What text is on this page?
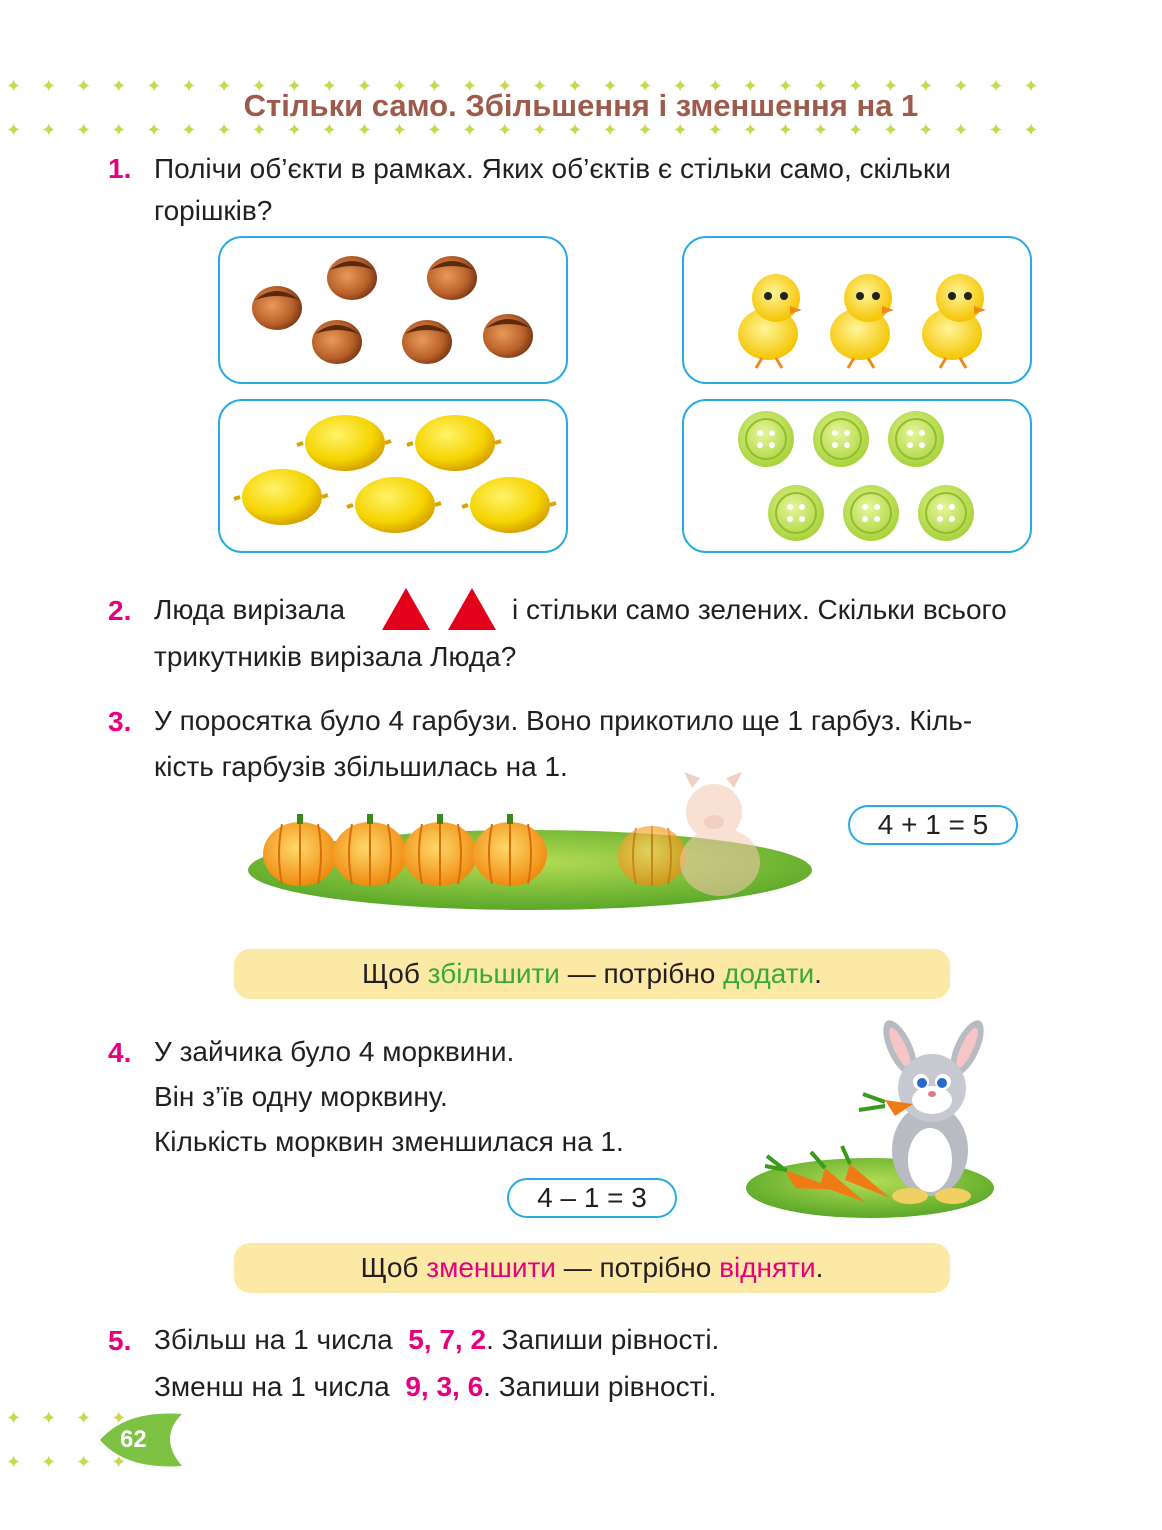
✦    ✦    ✦    ✦    ✦    ✦    ✦    ✦    ✦    ✦    ✦    ✦    ✦    ✦    ✦    ✦    ✦    ✦    ✦    ✦    ✦    ✦    ✦    ✦    ✦    ✦    ✦    ✦    ✦    ✦
✦    ✦    ✦    ✦    ✦    ✦    ✦    ✦    ✦    ✦    ✦    ✦    ✦    ✦    ✦    ✦    ✦    ✦    ✦    ✦    ✦    ✦    ✦    ✦    ✦    ✦    ✦    ✦    ✦    ✦
Стільки само. Збільшення і зменшення на 1
1. Полічи об’єкти в рамках. Яких об’єктів є стільки само, скільки
горішків?
2. Люда вирізала	і стільки само зелених. Скільки всього
трикутників вирізала Люда?
3. У поросятка було 4 гарбузи. Воно прикотило ще 1 гарбуз. Кіль-
кість гарбузів збільшилась на 1.
4 + 1 = 5
Щоб збільшити — потрібно додати.
4. У зайчика було 4 морквини.
Він з’їв одну морквину.
Кількість морквин зменшилася на 1.
4 – 1 = 3
Щоб зменшити — потрібно відняти.
5. Збільш на 1 числа 5, 7, 2. Запиши рівності.
Зменш на 1 числа 9, 3, 6. Запиши рівності.
✦    ✦    ✦    ✦
✦    ✦    ✦    ✦
62
